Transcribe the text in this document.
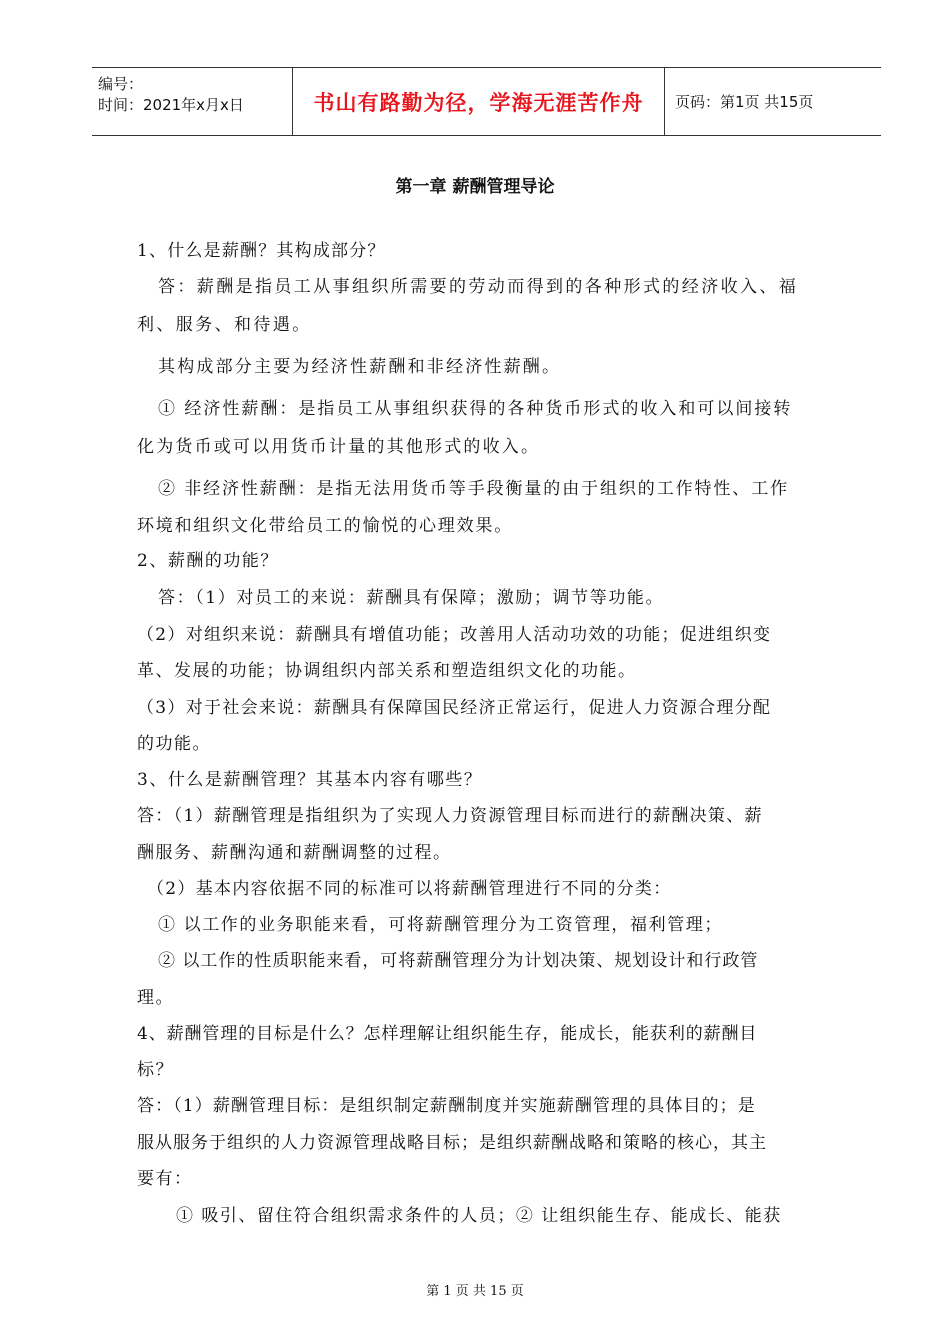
编号：
时间：2021年x月x日	书山有路勤为径，学海无涯苦作舟	页码：第1页 共15页
第一章 薪酬管理导论
1、什么是薪酬？其构成部分？
答：薪酬是指员工从事组织所需要的劳动而得到的各种形式的经济收入、福
利、服务、和待遇。
其构成部分主要为经济性薪酬和非经济性薪酬。
① 经济性薪酬：是指员工从事组织获得的各种货币形式的收入和可以间接转
化为货币或可以用货币计量的其他形式的收入。
② 非经济性薪酬：是指无法用货币等手段衡量的由于组织的工作特性、工作
环境和组织文化带给员工的愉悦的心理效果。
2、薪酬的功能？
答：（1）对员工的来说：薪酬具有保障；激励；调节等功能。
（2）对组织来说：薪酬具有增值功能；改善用人活动功效的功能；促进组织变
革、发展的功能；协调组织内部关系和塑造组织文化的功能。
（3）对于社会来说：薪酬具有保障国民经济正常运行，促进人力资源合理分配
的功能。
3、什么是薪酬管理？其基本内容有哪些？
答：（1）薪酬管理是指组织为了实现人力资源管理目标而进行的薪酬决策、薪
酬服务、薪酬沟通和薪酬调整的过程。
（2）基本内容依据不同的标准可以将薪酬管理进行不同的分类：
① 以工作的业务职能来看，可将薪酬管理分为工资管理，福利管理；
② 以工作的性质职能来看，可将薪酬管理分为计划决策、规划设计和行政管
理。
4、薪酬管理的目标是什么？怎样理解让组织能生存，能成长，能获利的薪酬目
标？
答：（1）薪酬管理目标：是组织制定薪酬制度并实施薪酬管理的具体目的；是
服从服务于组织的人力资源管理战略目标；是组织薪酬战略和策略的核心，其主
要有：
① 吸引、留住符合组织需求条件的人员；② 让组织能生存、能成长、能获
第 1 页 共 15 页
